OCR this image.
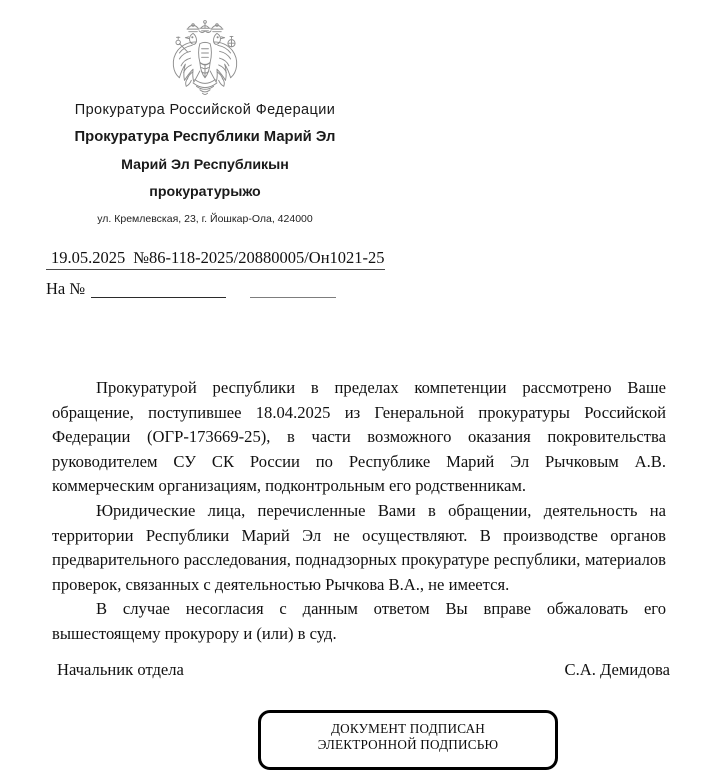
Прокуратура Российской Федерации
Прокуратура Республики Марий Эл
Марий Эл Республикын
прокуратурыжо
ул. Кремлевская, 23, г. Йошкар-Ола, 424000
19.05.2025 №86-118-2025/20880005/Он1021-25
На №

Прокуратурой республики в пределах компетенции рассмотрено Ваше обращение, поступившее 18.04.2025 из Генеральной прокуратуры Российской Федерации (ОГР-173669-25), в части возможного оказания покровительства руководителем СУ СК России по Республике Марий Эл Рычковым А.В. коммерческим организациям, подконтрольным его родственникам.

Юридические лица, перечисленные Вами в обращении, деятельность на территории Республики Марий Эл не осуществляют. В производстве органов предварительного расследования, поднадзорных прокуратуре республики, материалов проверок, связанных с деятельностью Рычкова В.А., не имеется.

В случае несогласия с данным ответом Вы вправе обжаловать его вышестоящему прокурору и (или) в суд.

Начальник отдела	С.А. Демидова
ДОКУМЕНТ ПОДПИСАН
ЭЛЕКТРОННОЙ ПОДПИСЬЮ
